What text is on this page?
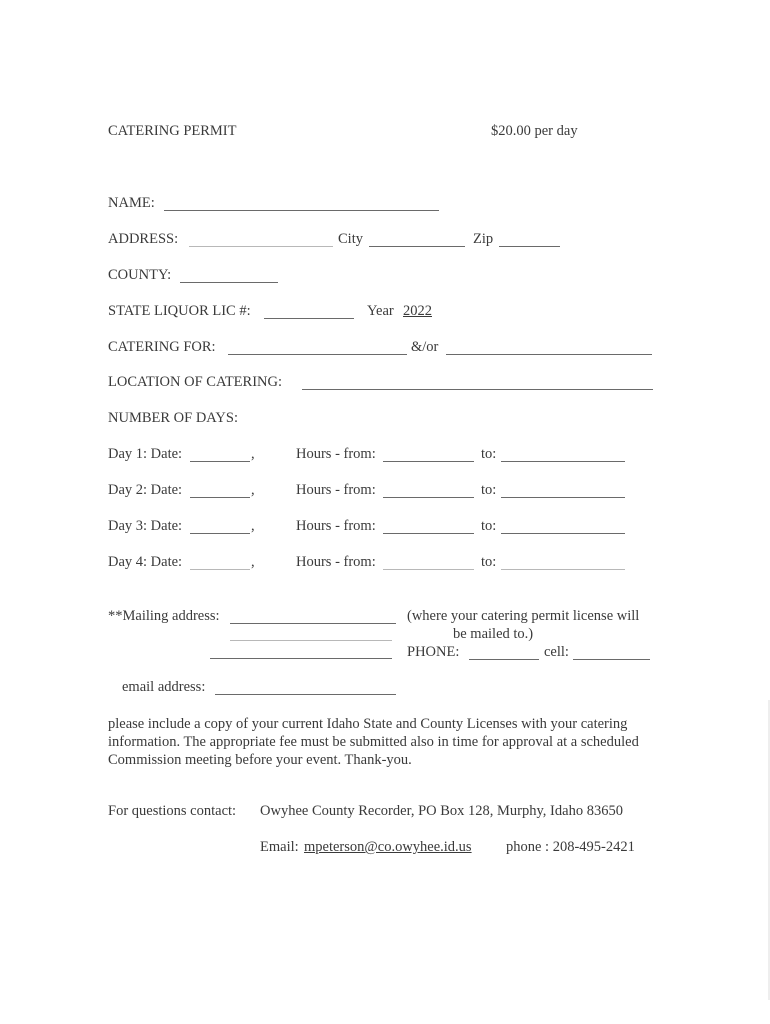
CATERING PERMIT	$20.00 per day
NAME:
ADDRESS:	City	Zip
COUNTY:
STATE LIQUOR LIC #:	Year 2022
CATERING FOR:	&/or
LOCATION OF CATERING:
NUMBER OF DAYS:
Day 1: Date:	,	Hours - from:	to:
Day 2: Date:	,	Hours - from:	to:
Day 3: Date:	,	Hours - from:	to:
Day 4: Date:	,	Hours - from:	to:
**Mailing address:	(where your catering permit license will
be mailed to.)
PHONE:	cell:
email address:
please include a copy of your current Idaho State and County Licenses with your catering information. The appropriate fee must be submitted also in time for approval at a scheduled Commission meeting before your event. Thank-you.
For questions contact: Owyhee County Recorder, PO Box 128, Murphy, Idaho 83650
Email: mpeterson@co.owyhee.id.us phone : 208-495-2421
